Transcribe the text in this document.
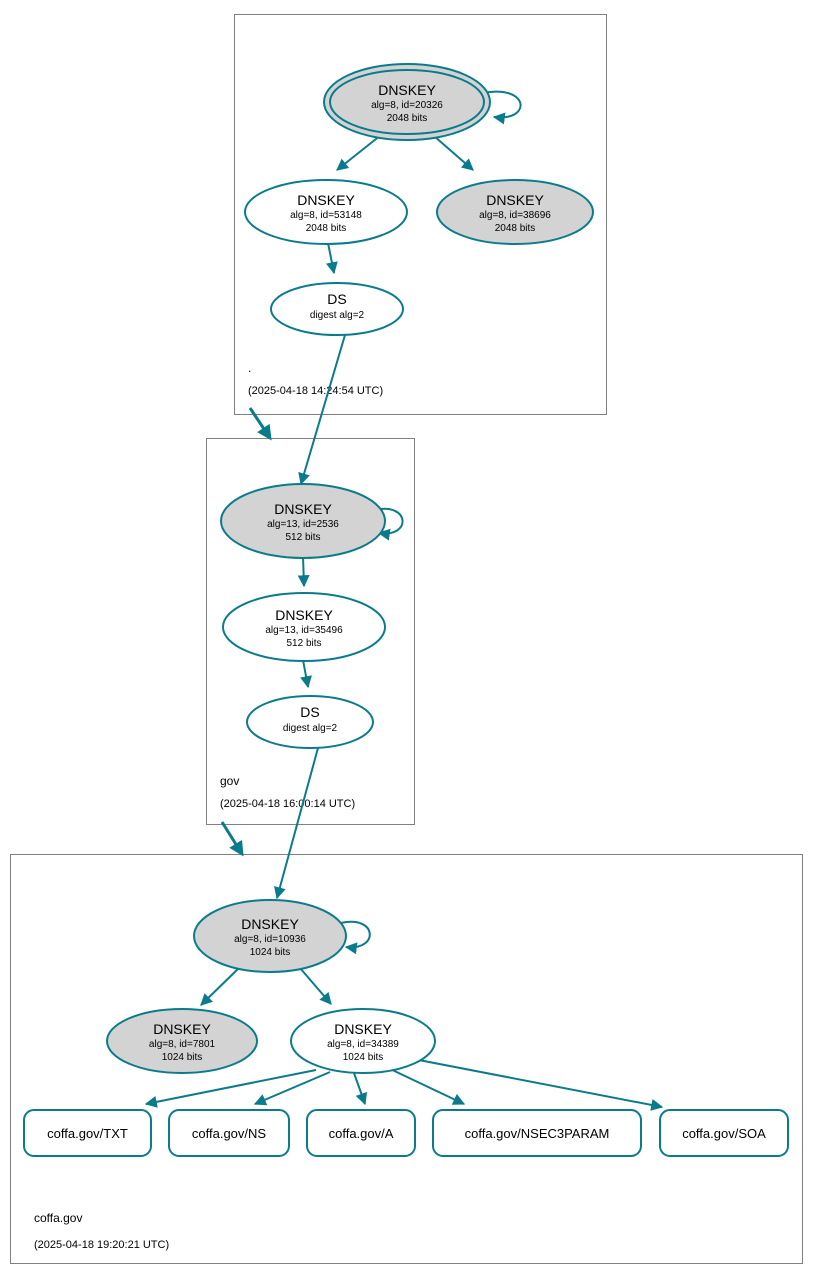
.
(2025-04-18 14:24:54 UTC)
DNSKEY
alg=8, id=20326
2048 bits
DNSKEY
alg=8, id=53148
2048 bits
DNSKEY
alg=8, id=38696
2048 bits
DS
digest alg=2
gov
(2025-04-18 16:00:14 UTC)
DNSKEY
alg=13, id=2536
512 bits
DNSKEY
alg=13, id=35496
512 bits
DS
digest alg=2
coffa.gov
(2025-04-18 19:20:21 UTC)
DNSKEY
alg=8, id=10936
1024 bits
DNSKEY
alg=8, id=7801
1024 bits
DNSKEY
alg=8, id=34389
1024 bits
coffa.gov/TXT	coffa.gov/NS	coffa.gov/A	coffa.gov/NSEC3PARAM	coffa.gov/SOA
